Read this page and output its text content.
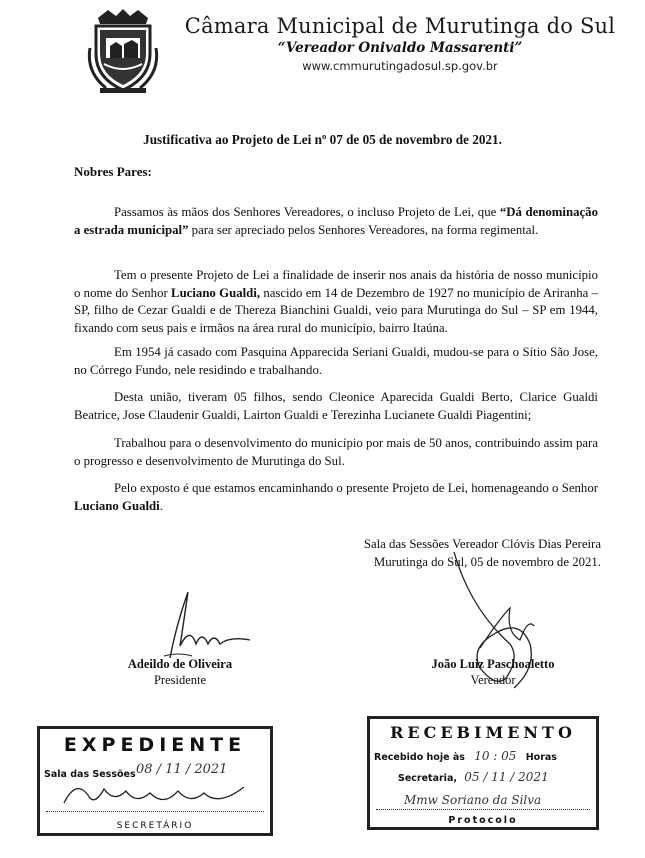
Câmara Municipal de Murutinga do Sul
“Vereador Onivaldo Massarenti”
www.cmmurutingadosul.sp.gov.br
Justificativa ao Projeto de Lei nº 07 de 05 de novembro de 2021.
Nobres Pares:

Passamos às mãos dos Senhores Vereadores, o incluso Projeto de Lei, que “Dá denominação a estrada municipal” para ser apreciado pelos Senhores Vereadores, na forma regimental.

Tem o presente Projeto de Lei a finalidade de inserir nos anais da história de nosso município o nome do Senhor Luciano Gualdi, nascido em 14 de Dezembro de 1927 no município de Ariranha – SP, filho de Cezar Gualdi e de Thereza Bianchini Gualdi, veio para Murutinga do Sul – SP em 1944, fixando com seus pais e irmãos na área rural do município, bairro Itaúna.

Em 1954 já casado com Pasquina Apparecida Seriani Gualdi, mudou-se para o Sítio São Jose, no Córrego Fundo, nele residindo e trabalhando.

Desta união, tiveram 05 filhos, sendo Cleonice Aparecida Gualdi Berto, Clarice Gualdi Beatrice, Jose Claudenir Gualdi, Lairton Gualdi e Terezinha Lucianete Gualdi Piagentini;

Trabalhou para o desenvolvimento do município por mais de 50 anos, contribuindo assim para o progresso e desenvolvimento de Murutinga do Sul.

Pelo exposto é que estamos encaminhando o presente Projeto de Lei, homenageando o Senhor Luciano Gualdi.

Sala das Sessões Vereador Clóvis Dias Pereira
Murutinga do Sul, 05 de novembro de 2021.
Adeildo de Oliveira
Presidente
João Luiz Paschoaletto
Vereador
EXPEDIENTE
Sala das Sessões 08 / 11 / 2021
SECRETÁRIO
RECEBIMENTO
Recebido hoje às 10 : 05 Horas
Secretaria, 05 / 11 / 2021
Mmw Soriano da Silva
Protocolo
